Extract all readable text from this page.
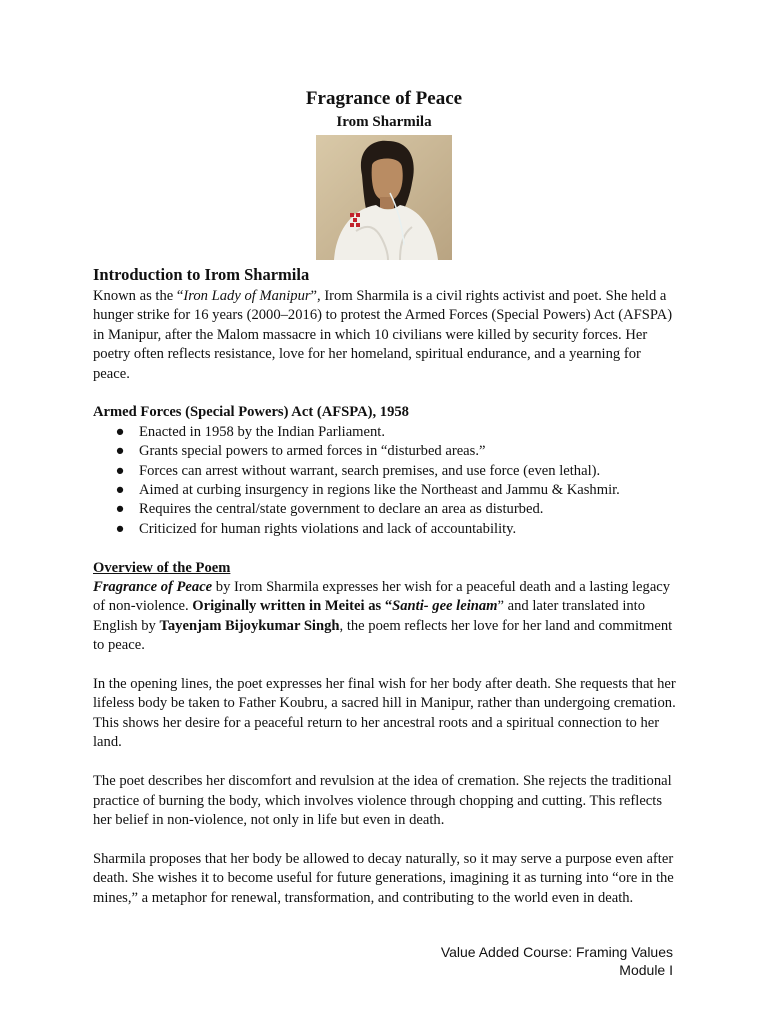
Fragrance of Peace
Irom Sharmila
Introduction to Irom Sharmila

Known as the “Iron Lady of Manipur”, Irom Sharmila is a civil rights activist and poet. She held a hunger strike for 16 years (2000–2016) to protest the Armed Forces (Special Powers) Act (AFSPA) in Manipur, after the Malom massacre in which 10 civilians were killed by security forces. Her poetry often reflects resistance, love for her homeland, spiritual endurance, and a yearning for peace.

Armed Forces (Special Powers) Act (AFSPA), 1958

● Enacted in 1958 by the Indian Parliament.
● Grants special powers to armed forces in “disturbed areas.”
● Forces can arrest without warrant, search premises, and use force (even lethal).
● Aimed at curbing insurgency in regions like the Northeast and Jammu & Kashmir.
● Requires the central/state government to declare an area as disturbed.
● Criticized for human rights violations and lack of accountability.

Overview of the Poem

Fragrance of Peace by Irom Sharmila expresses her wish for a peaceful death and a lasting legacy of non-violence. Originally written in Meitei as “Santi- gee leinam” and later translated into English by Tayenjam Bijoykumar Singh, the poem reflects her love for her land and commitment to peace.

In the opening lines, the poet expresses her final wish for her body after death. She requests that her lifeless body be taken to Father Koubru, a sacred hill in Manipur, rather than undergoing cremation. This shows her desire for a peaceful return to her ancestral roots and a spiritual connection to her land.

The poet describes her discomfort and revulsion at the idea of cremation. She rejects the traditional practice of burning the body, which involves violence through chopping and cutting. This reflects her belief in non-violence, not only in life but even in death.

Sharmila proposes that her body be allowed to decay naturally, so it may serve a purpose even after death. She wishes it to become useful for future generations, imagining it as turning into “ore in the mines,” a metaphor for renewal, transformation, and contributing to the world even in death.

Value Added Course: Framing Values
Module I
